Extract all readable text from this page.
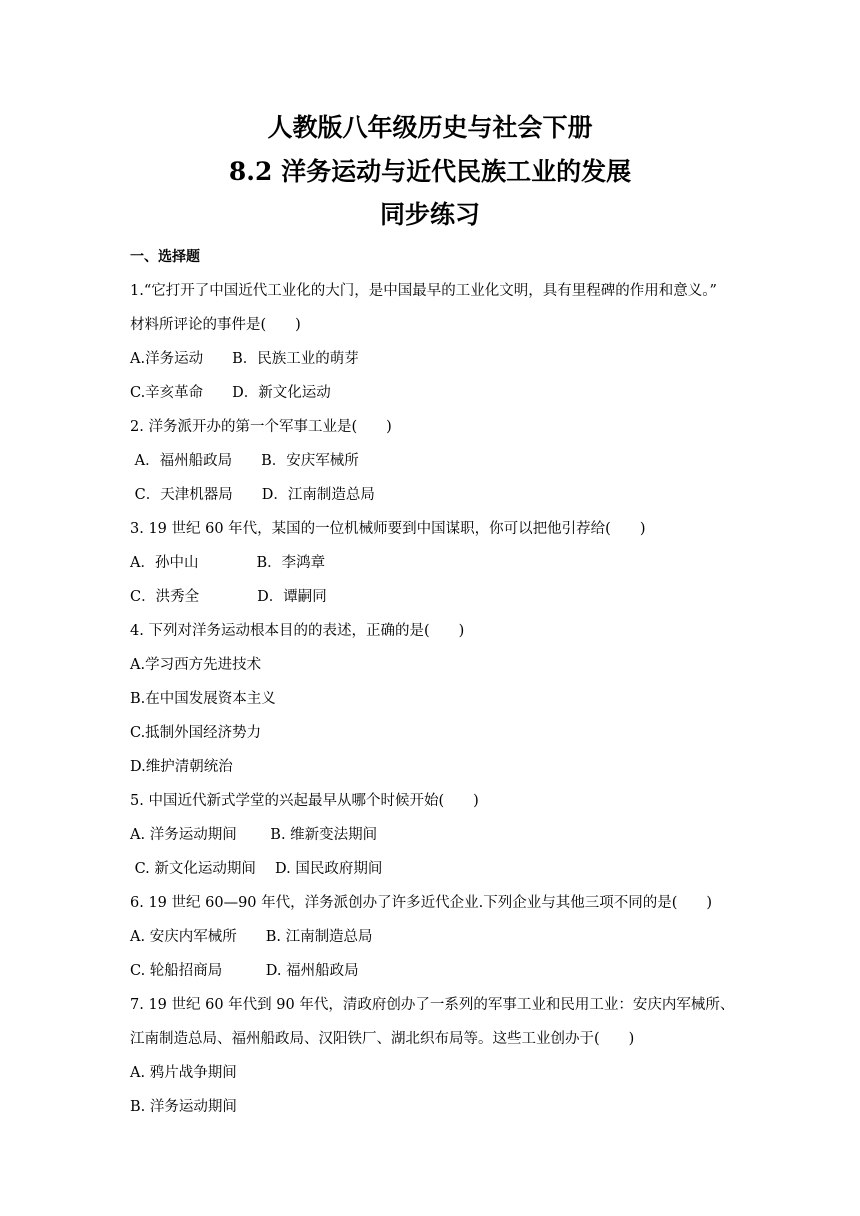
人教版八年级历史与社会下册
8.2 洋务运动与近代民族工业的发展
同步练习
一、选择题
1.“它打开了中国近代工业化的大门，是中国最早的工业化文明，具有里程碑的作用和意义。”
材料所评论的事件是(　　)
A.洋务运动　　B．民族工业的萌芽
C.辛亥革命　　D．新文化运动
2. 洋务派开办的第一个军事工业是(　　)
A．福州船政局　　B．安庆军械所
C．天津机器局　　D．江南制造总局
3. 19 世纪 60 年代，某国的一位机械师要到中国谋职，你可以把他引荐给(　　)
A．孙中山　　　　B．李鸿章
C．洪秀全　　　　D．谭嗣同
4. 下列对洋务运动根本目的的表述，正确的是(　　)
A.学习西方先进技术
B.在中国发展资本主义
C.抵制外国经济势力
D.维护清朝统治
5. 中国近代新式学堂的兴起最早从哪个时候开始(　　)
A. 洋务运动期间　　 B. 维新变法期间
C. 新文化运动期间　 D. 国民政府期间
6. 19 世纪 60—90 年代，洋务派创办了许多近代企业.下列企业与其他三项不同的是(　　)
A. 安庆内军械所　　B. 江南制造总局
C. 轮船招商局　　　D. 福州船政局
7. 19 世纪 60 年代到 90 年代，清政府创办了一系列的军事工业和民用工业：安庆内军械所、
江南制造总局、福州船政局、汉阳铁厂、湖北织布局等。这些工业创办于(　　)
A. 鸦片战争期间
B. 洋务运动期间
